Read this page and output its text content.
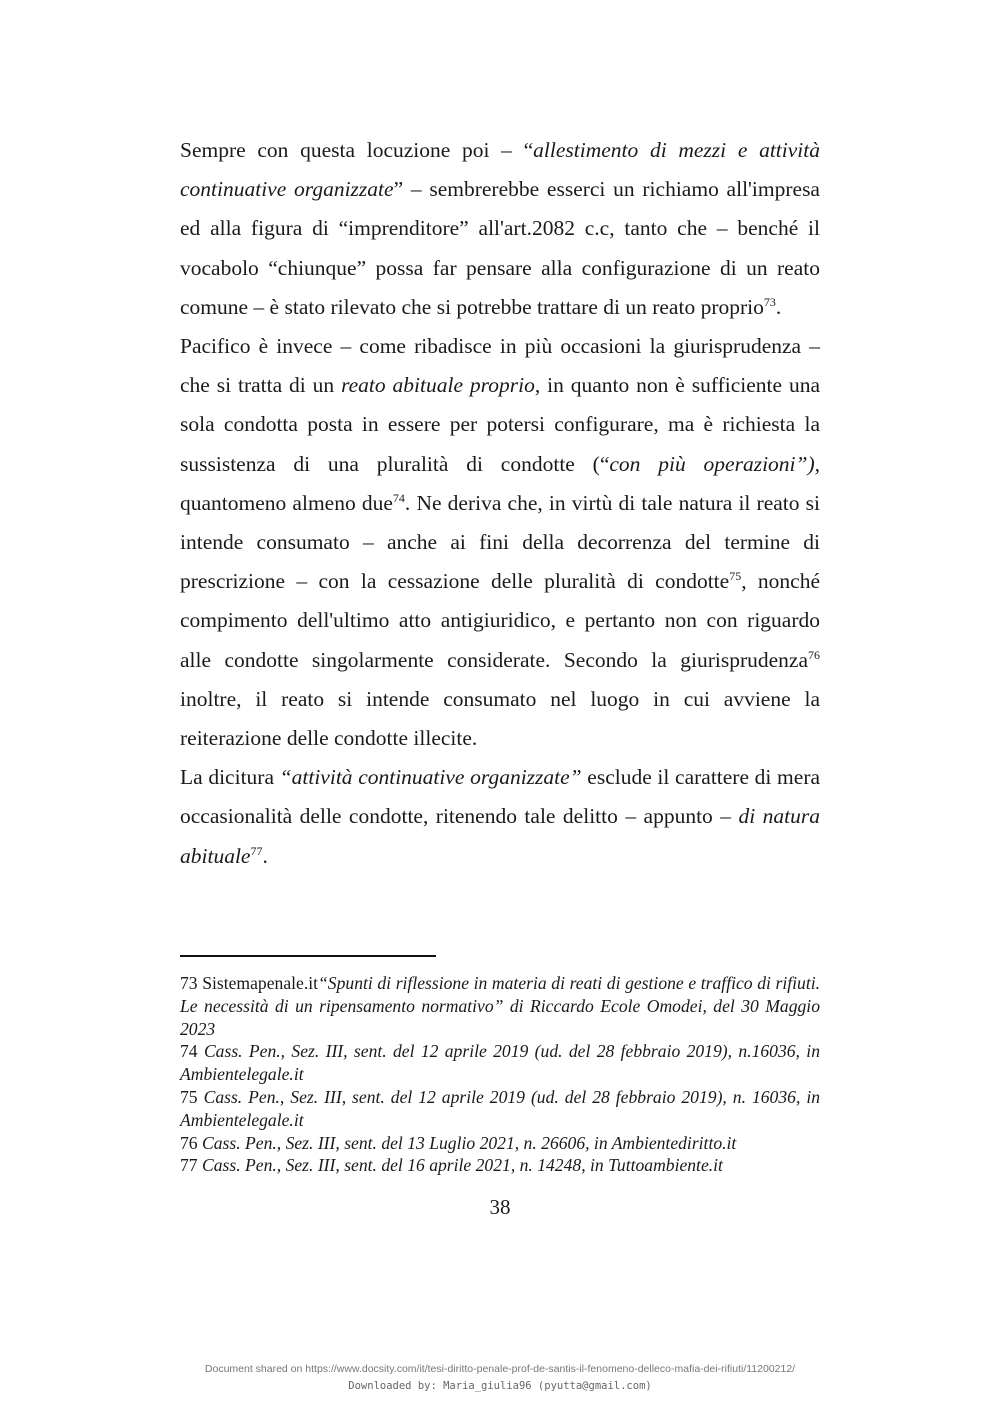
Sempre con questa locuzione poi – “allestimento di mezzi e attività continuative organizzate” – sembrerebbe esserci un richiamo all'impresa ed alla figura di “imprenditore” all'art.2082 c.c, tanto che – benché il vocabolo “chiunque” possa far pensare alla configurazione di un reato comune – è stato rilevato che si potrebbe trattare di un reato proprio$^{73}$.

Pacifico è invece – come ribadisce in più occasioni la giurisprudenza – che si tratta di un reato abituale proprio, in quanto non è sufficiente una sola condotta posta in essere per potersi configurare, ma è richiesta la sussistenza di una pluralità di condotte (“con più operazioni”), quantomeno almeno due$^{74}$. Ne deriva che, in virtù di tale natura il reato si intende consumato – anche ai fini della decorrenza del termine di prescrizione – con la cessazione delle pluralità di condotte$^{75}$, nonché compimento dell'ultimo atto antigiuridico, e pertanto non con riguardo alle condotte singolarmente considerate. Secondo la giurisprudenza$^{76}$ inoltre, il reato si intende consumato nel luogo in cui avviene la reiterazione delle condotte illecite.

La dicitura “attività continuative organizzate” esclude il carattere di mera occasionalità delle condotte, ritenendo tale delitto – appunto – di natura abituale$^{77}$.

73 Sistemapenale.it“Spunti di riflessione in materia di reati di gestione e traffico di rifiuti. Le necessità di un ripensamento normativo” di Riccardo Ecole Omodei, del 30 Maggio 2023

74 Cass. Pen., Sez. III, sent. del 12 aprile 2019 (ud. del 28 febbraio 2019), n.16036, in Ambientelegale.it

75 Cass. Pen., Sez. III, sent. del 12 aprile 2019 (ud. del 28 febbraio 2019), n. 16036, in Ambientelegale.it

76 Cass. Pen., Sez. III, sent. del 13 Luglio 2021, n. 26606, in Ambientediritto.it

77 Cass. Pen., Sez. III, sent. del 16 aprile 2021, n. 14248, in Tuttoambiente.it

38
Document shared on https://www.docsity.com/it/tesi-diritto-penale-prof-de-santis-il-fenomeno-delleco-mafia-dei-rifiuti/11200212/
Downloaded by: Maria_giulia96 (pyutta@gmail.com)
